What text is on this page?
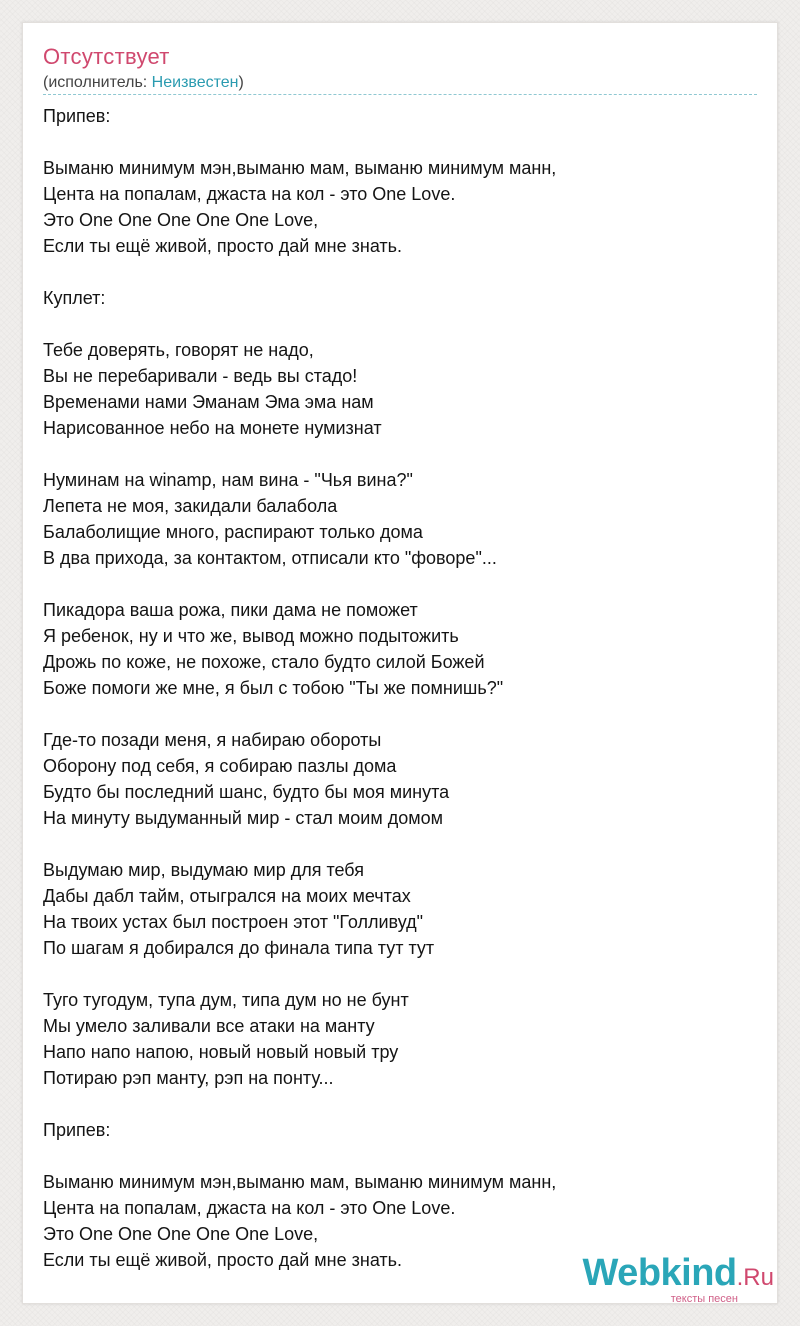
Отсутствует
(исполнитель: Неизвестен)
Припев:
Выманю минимум мэн,выманю мам, выманю минимум манн,
Цента на попалам, джаста на кол - это One Love.
Это One One One One One Love,
Если ты ещё живой, просто дай мне знать.
Куплет:
Тебе доверять, говорят не надо,
Вы не перебаривали - ведь вы стадо!
Временами нами Эманам Эма эма нам
Нарисованное небо на монете нумизнат
Нуминам на winamp, нам вина - "Чья вина?"
Лепета не моя, закидали балабола
Балаболищие много, распирают только дома
В два прихода, за контактом, отписали кто "фоворе"...
Пикадора ваша рожа, пики дама не поможет
Я ребенок, ну и что же, вывод можно подытожить
Дрожь по коже, не похоже, стало будто силой Божей
Боже помоги же мне, я был с тобою "Ты же помнишь?"
Где-то позади меня, я набираю обороты
Оборону под себя, я собираю пазлы дома
Будто бы последний шанс, будто бы моя минута
На минуту выдуманный мир - стал моим домом
Выдумаю мир, выдумаю мир для тебя
Дабы дабл тайм, отыгрался на моих мечтах
На твоих устах был построен этот "Голливуд"
По шагам я добирался до финала типа тут тут
Туго тугодум, тупа дум, типа дум но не бунт
Мы умело заливали все атаки на манту
Напо напо напою, новый новый новый тру
Потираю рэп манту, рэп на понту...
Припев:
Выманю минимум мэн,выманю мам, выманю минимум манн,
Цента на попалам, джаста на кол - это One Love.
Это One One One One One Love,
Если ты ещё живой, просто дай мне знать.	Webkind.Ru
тексты песен
